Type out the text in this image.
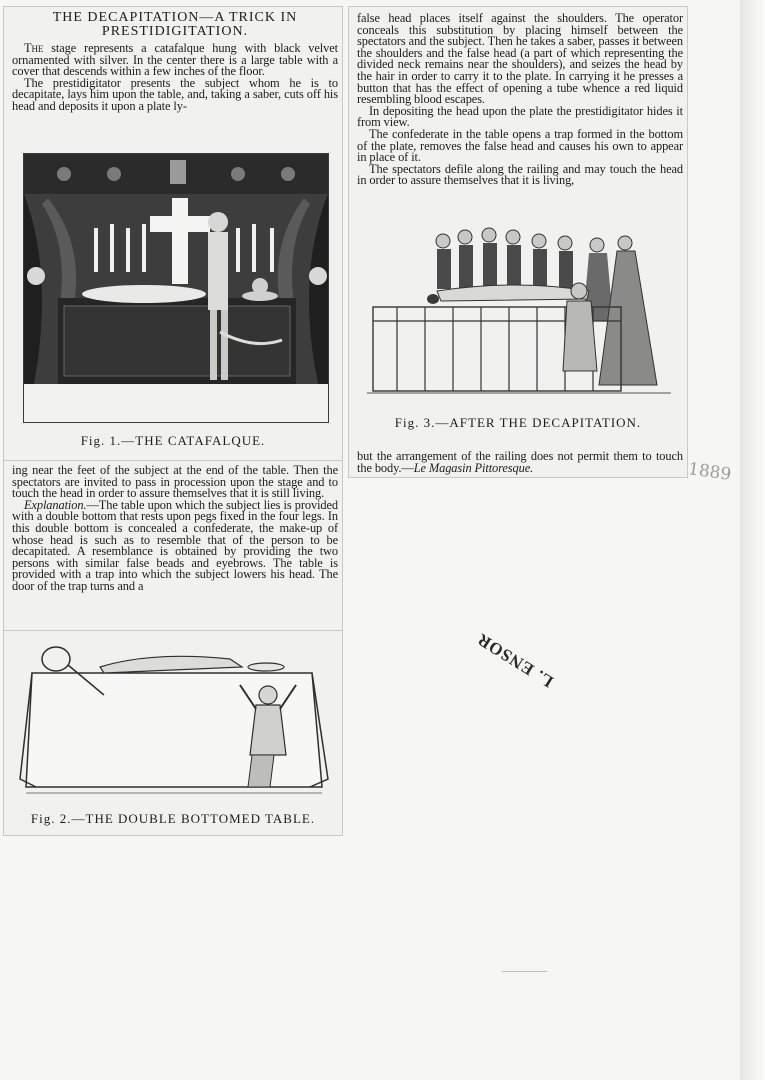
THE DECAPITATION—A TRICK IN
PRESTIDIGITATION.

The stage represents a catafalque hung with black velvet ornamented with silver. In the center there is a large table with a cover that descends within a few inches of the floor.

The prestidigitator presents the subject whom he is to decapitate, lays him upon the table, and, taking a saber, cuts off his head and deposits it upon a plate ly-

Fig. 1.—THE CATAFALQUE.

ing near the feet of the subject at the end of the table. Then the spectators are invited to pass in procession upon the stage and to touch the head in order to assure themselves that it is still living.

Explanation.—The table upon which the subject lies is provided with a double bottom that rests upon pegs fixed in the four legs. In this double bottom is concealed a confederate, the make-up of whose head is such as to resemble that of the person to be decapitated. A resemblance is obtained by providing the two persons with similar false beads and eyebrows. The table is provided with a trap into which the subject lowers his head. The door of the trap turns and a

Fig. 2.—THE DOUBLE BOTTOMED TABLE.

false head places itself against the shoulders. The operator conceals this substitution by placing himself between the spectators and the subject. Then he takes a saber, passes it between the shoulders and the false head (a part of which representing the divided neck remains near the shoulders), and seizes the head by the hair in order to carry it to the plate. In carrying it he presses a button that has the effect of opening a tube whence a red liquid resembling blood escapes.

In depositing the head upon the plate the prestidigitator hides it from view.

The confederate in the table opens a trap formed in the bottom of the plate, removes the false head and causes his own to appear in place of it.

The spectators defile along the railing and may touch the head in order to assure themselves that it is living,

Fig. 3.—AFTER THE DECAPITATION.

but the arrangement of the railing does not permit them to touch the body.—Le Magasin Pittoresque.	1889
L. ENSOR
